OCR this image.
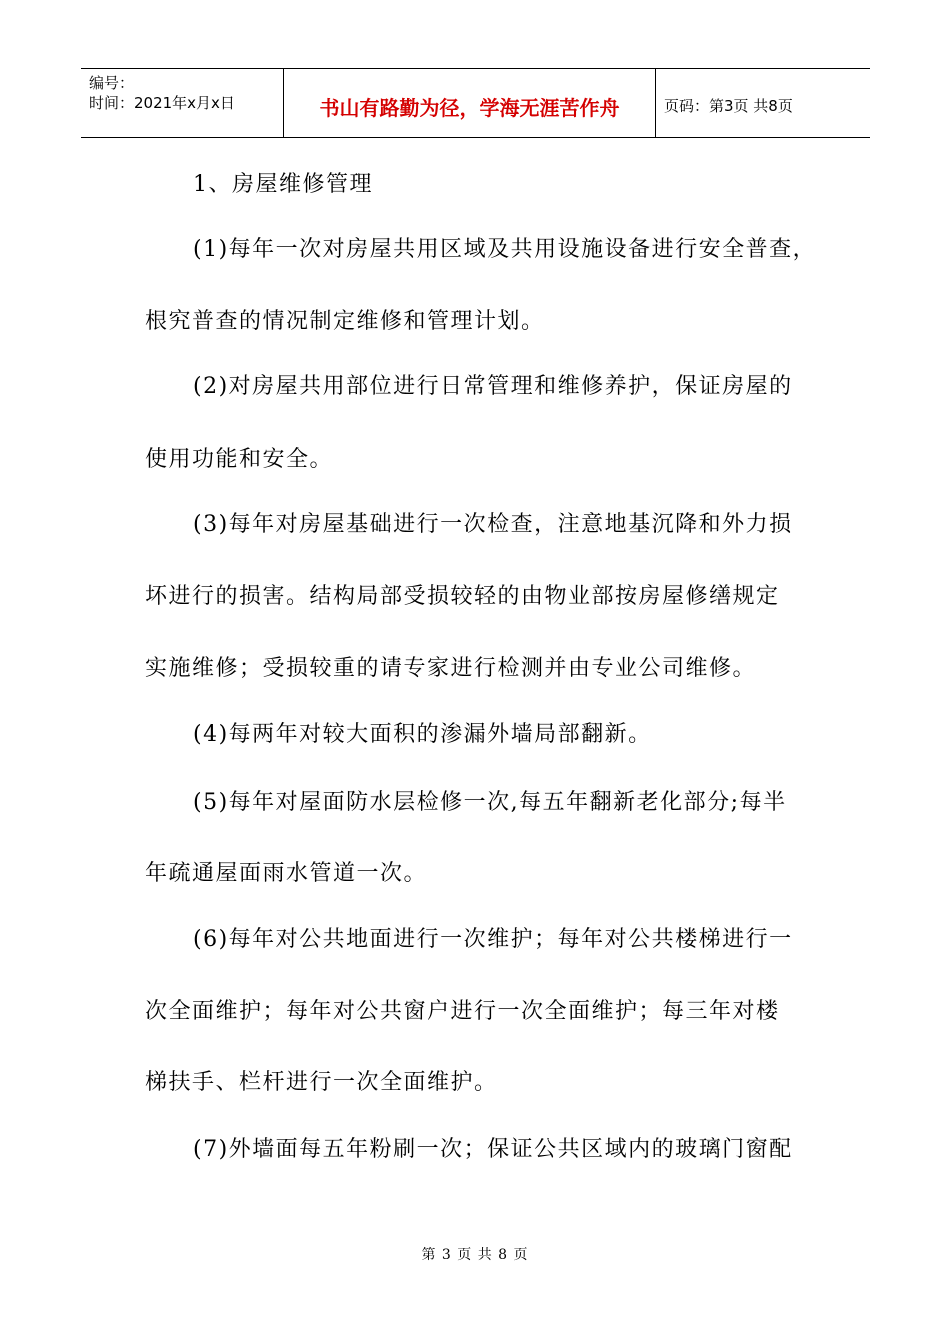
编号：
时间：2021年x月x日	书山有路勤为径，学海无涯苦作舟	页码：第3页 共8页
1、房屋维修管理
(1)每年一次对房屋共用区域及共用设施设备进行安全普查，
根究普查的情况制定维修和管理计划。
(2)对房屋共用部位进行日常管理和维修养护，保证房屋的
使用功能和安全。
(3)每年对房屋基础进行一次检查，注意地基沉降和外力损
坏进行的损害。结构局部受损较轻的由物业部按房屋修缮规定
实施维修；受损较重的请专家进行检测并由专业公司维修。
(4)每两年对较大面积的渗漏外墙局部翻新。
(5)每年对屋面防水层检修一次,每五年翻新老化部分;每半
年疏通屋面雨水管道一次。
(6)每年对公共地面进行一次维护；每年对公共楼梯进行一
次全面维护；每年对公共窗户进行一次全面维护；每三年对楼
梯扶手、栏杆进行一次全面维护。
(7)外墙面每五年粉刷一次；保证公共区域内的玻璃门窗配
第 3 页 共 8 页
